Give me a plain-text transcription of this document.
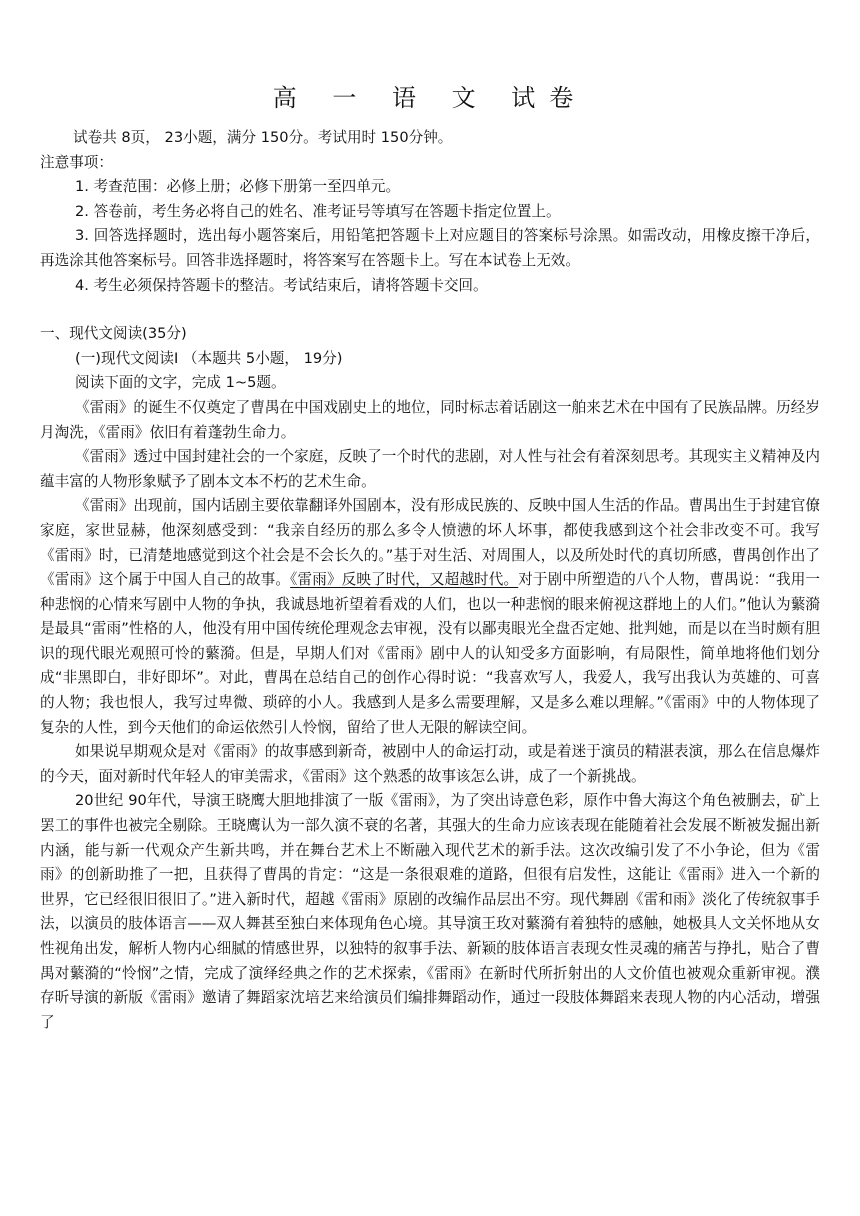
高 一 语 文 试卷

试卷共 8页， 23小题，满分 150分。考试用时 150分钟。

注意事项：

1. 考查范围：必修上册；必修下册第一至四单元。

2. 答卷前，考生务必将自己的姓名、准考证号等填写在答题卡指定位置上。

3. 回答选择题时，选出每小题答案后，用铅笔把答题卡上对应题目的答案标号涂黑。如需改动，用橡皮擦干净后，再选涂其他答案标号。回答非选择题时，将答案写在答题卡上。写在本试卷上无效。

4. 考生必须保持答题卡的整洁。考试结束后，请将答题卡交回。

一、现代文阅读(35分)

(一)现代文阅读Ⅰ （本题共 5小题， 19分)

阅读下面的文字，完成 1~5题。

《雷雨》的诞生不仅奠定了曹禺在中国戏剧史上的地位，同时标志着话剧这一舶来艺术在中国有了民族品牌。历经岁月淘洗，《雷雨》依旧有着蓬勃生命力。

《雷雨》透过中国封建社会的一个家庭，反映了一个时代的悲剧，对人性与社会有着深刻思考。其现实主义精神及内蕴丰富的人物形象赋予了剧本文本不朽的艺术生命。

《雷雨》出现前，国内话剧主要依靠翻译外国剧本，没有形成民族的、反映中国人生活的作品。曹禺出生于封建官僚家庭，家世显赫，他深刻感受到：“我亲自经历的那么多令人愤懑的坏人坏事，都使我感到这个社会非改变不可。我写《雷雨》时，已清楚地感觉到这个社会是不会长久的。”基于对生活、对周围人，以及所处时代的真切所感，曹禺创作出了《雷雨》这个属于中国人自己的故事。《雷雨》反映了时代，又超越时代。对于剧中所塑造的八个人物，曹禺说：“我用一种悲悯的心情来写剧中人物的争执，我诚恳地祈望着看戏的人们，也以一种悲悯的眼来俯视这群地上的人们。”他认为蘩漪是最具“雷雨”性格的人，他没有用中国传统伦理观念去审视，没有以鄙夷眼光全盘否定她、批判她，而是以在当时颇有胆识的现代眼光观照可怜的蘩漪。但是，早期人们对《雷雨》剧中人的认知受多方面影响，有局限性，简单地将他们划分成“非黑即白，非好即坏”。对此，曹禺在总结自己的创作心得时说：“我喜欢写人，我爱人，我写出我认为英雄的、可喜的人物；我也恨人，我写过卑微、琐碎的小人。我感到人是多么需要理解，又是多么难以理解。”《雷雨》中的人物体现了复杂的人性，到今天他们的命运依然引人怜悯，留给了世人无限的解读空间。

如果说早期观众是对《雷雨》的故事感到新奇，被剧中人的命运打动，或是着迷于演员的精湛表演，那么在信息爆炸的今天，面对新时代年轻人的审美需求，《雷雨》这个熟悉的故事该怎么讲，成了一个新挑战。

20世纪 90年代，导演王晓鹰大胆地排演了一版《雷雨》，为了突出诗意色彩，原作中鲁大海这个角色被删去，矿上罢工的事件也被完全剔除。王晓鹰认为一部久演不衰的名著，其强大的生命力应该表现在能随着社会发展不断被发掘出新内涵，能与新一代观众产生新共鸣，并在舞台艺术上不断融入现代艺术的新手法。这次改编引发了不小争论，但为《雷雨》的创新助推了一把，且获得了曹禺的肯定：“这是一条很艰难的道路，但很有启发性，这能让《雷雨》进入一个新的世界，它已经很旧很旧了。”进入新时代，超越《雷雨》原剧的改编作品层出不穷。现代舞剧《雷和雨》淡化了传统叙事手法，以演员的肢体语言——双人舞甚至独白来体现角色心境。其导演王玫对蘩漪有着独特的感触，她极具人文关怀地从女性视角出发，解析人物内心细腻的情感世界，以独特的叙事手法、新颖的肢体语言表现女性灵魂的痛苦与挣扎，贴合了曹禺对蘩漪的“怜悯”之情，完成了演绎经典之作的艺术探索，《雷雨》在新时代所折射出的人文价值也被观众重新审视。濮存昕导演的新版《雷雨》邀请了舞蹈家沈培艺来给演员们编排舞蹈动作，通过一段肢体舞蹈来表现人物的内心活动，增强了
